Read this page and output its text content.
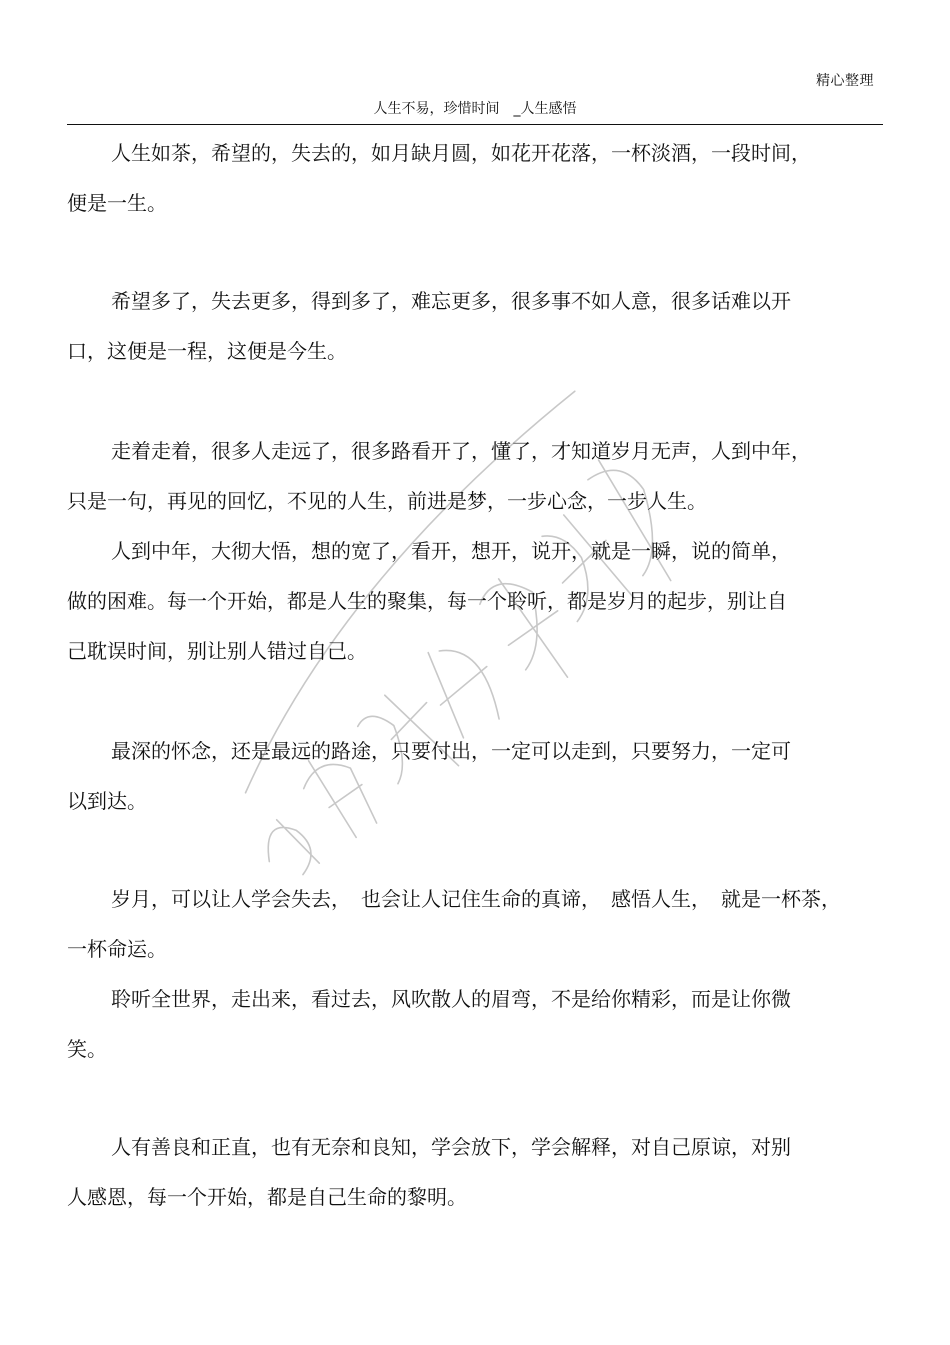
精心整理
人生不易，珍惜时间　_人生感悟

人生如茶，希望的，失去的，如月缺月圆，如花开花落，一杯淡酒，一段时间，
便是一生。

希望多了，失去更多，得到多了，难忘更多，很多事不如人意，很多话难以开
口，这便是一程，这便是今生。

走着走着，很多人走远了，很多路看开了，懂了，才知道岁月无声，人到中年，
只是一句，再见的回忆，不见的人生，前进是梦，一步心念，一步人生。

人到中年，大彻大悟，想的宽了，看开，想开，说开，就是一瞬，说的简单，
做的困难。每一个开始，都是人生的聚集，每一个聆听，都是岁月的起步，别让自
己耽误时间，别让别人错过自己。

最深的怀念，还是最远的路途，只要付出，一定可以走到，只要努力，一定可
以到达。

岁月，可以让人学会失去，　也会让人记住生命的真谛，　感悟人生，　就是一杯茶，
一杯命运。

聆听全世界，走出来，看过去，风吹散人的眉弯，不是给你精彩，而是让你微
笑。

人有善良和正直，也有无奈和良知，学会放下，学会解释，对自己原谅，对别
人感恩，每一个开始，都是自己生命的黎明。
